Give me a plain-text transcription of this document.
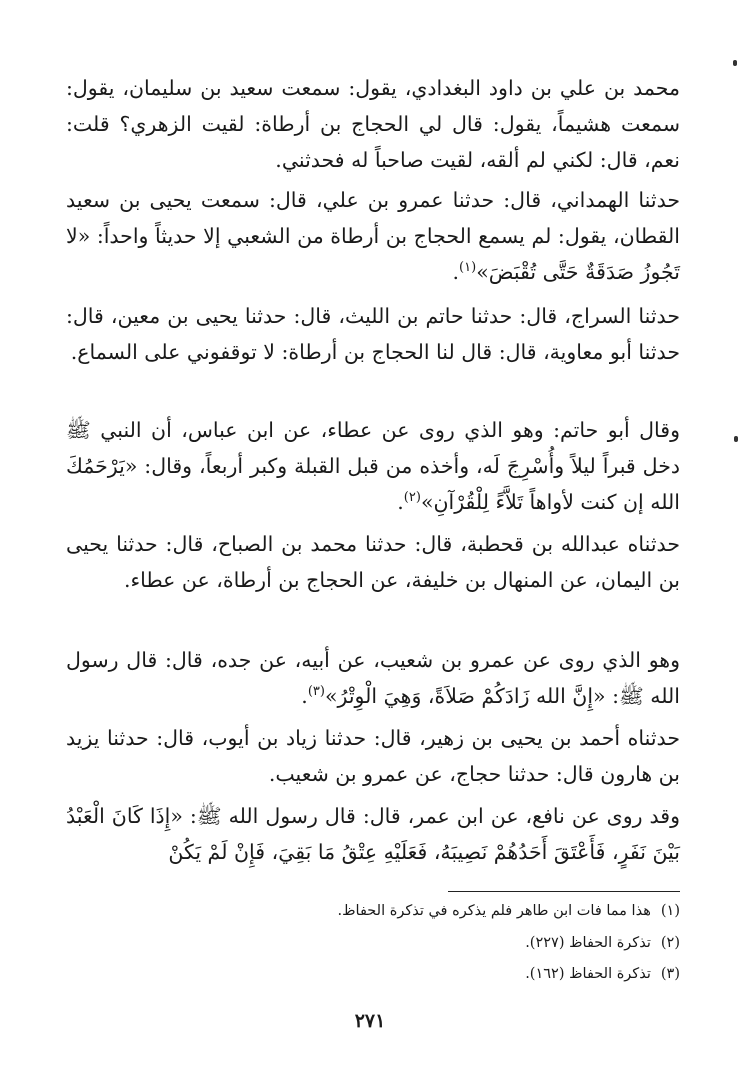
محمد بن علي بن داود البغدادي، يقول: سمعت سعيد بن سليمان، يقول: سمعت هشيماً، يقول: قال لي الحجاج بن أرطاة: لقيت الزهري؟ قلت: نعم، قال: لكني لم ألقه، لقيت صاحباً له فحدثني.

حدثنا الهمداني، قال: حدثنا عمرو بن علي، قال: سمعت يحيى بن سعيد القطان، يقول: لم يسمع الحجاج بن أرطاة من الشعبي إلا حديثاً واحداً: «لا تَجُوزُ صَدَقَةٌ حَتَّى تُقْبَضَ»$^{(١)}$.

حدثنا السراج، قال: حدثنا حاتم بن الليث، قال: حدثنا يحيى بن معين، قال: حدثنا أبو معاوية، قال: قال لنا الحجاج بن أرطاة: لا توقفوني على السماع.

وقال أبو حاتم: وهو الذي روى عن عطاء، عن ابن عباس، أن النبي ﷺ دخل قبراً ليلاً وأُسْرِجَ لَه، وأخذه من قبل القبلة وكبر أربعاً، وقال: «يَرْحَمُكَ الله إن كنت لأواهاً تَلاَّءً لِلْقُرْآنِ»$^{(٢)}$.

حدثناه عبدالله بن قحطبة، قال: حدثنا محمد بن الصباح، قال: حدثنا يحيى بن اليمان، عن المنهال بن خليفة، عن الحجاج بن أرطاة، عن عطاء.

وهو الذي روى عن عمرو بن شعيب، عن أبيه، عن جده، قال: قال رسول الله ﷺ: «إِنَّ الله زَادَكُمْ صَلاَةً، وَهِيَ الْوِتْرُ»$^{(٣)}$.

حدثناه أحمد بن يحيى بن زهير، قال: حدثنا زياد بن أيوب، قال: حدثنا يزيد بن هارون قال: حدثنا حجاج، عن عمرو بن شعيب.

وقد روى عن نافع، عن ابن عمر، قال: قال رسول الله ﷺ: «إِذَا كَانَ الْعَبْدُ بَيْنَ نَفَرٍ، فَأَعْتَقَ أَحَدُهُمْ نَصِيبَهُ، فَعَلَيْهِ عِتْقُ مَا بَقِيَ، فَإِنْ لَمْ يَكُنْ

(١)هذا مما فات ابن طاهر فلم يذكره في تذكرة الحفاظ.
(٢)تذكرة الحفاظ (٢٢٧).
(٣)تذكرة الحفاظ (١٦٢).
٢٧١
